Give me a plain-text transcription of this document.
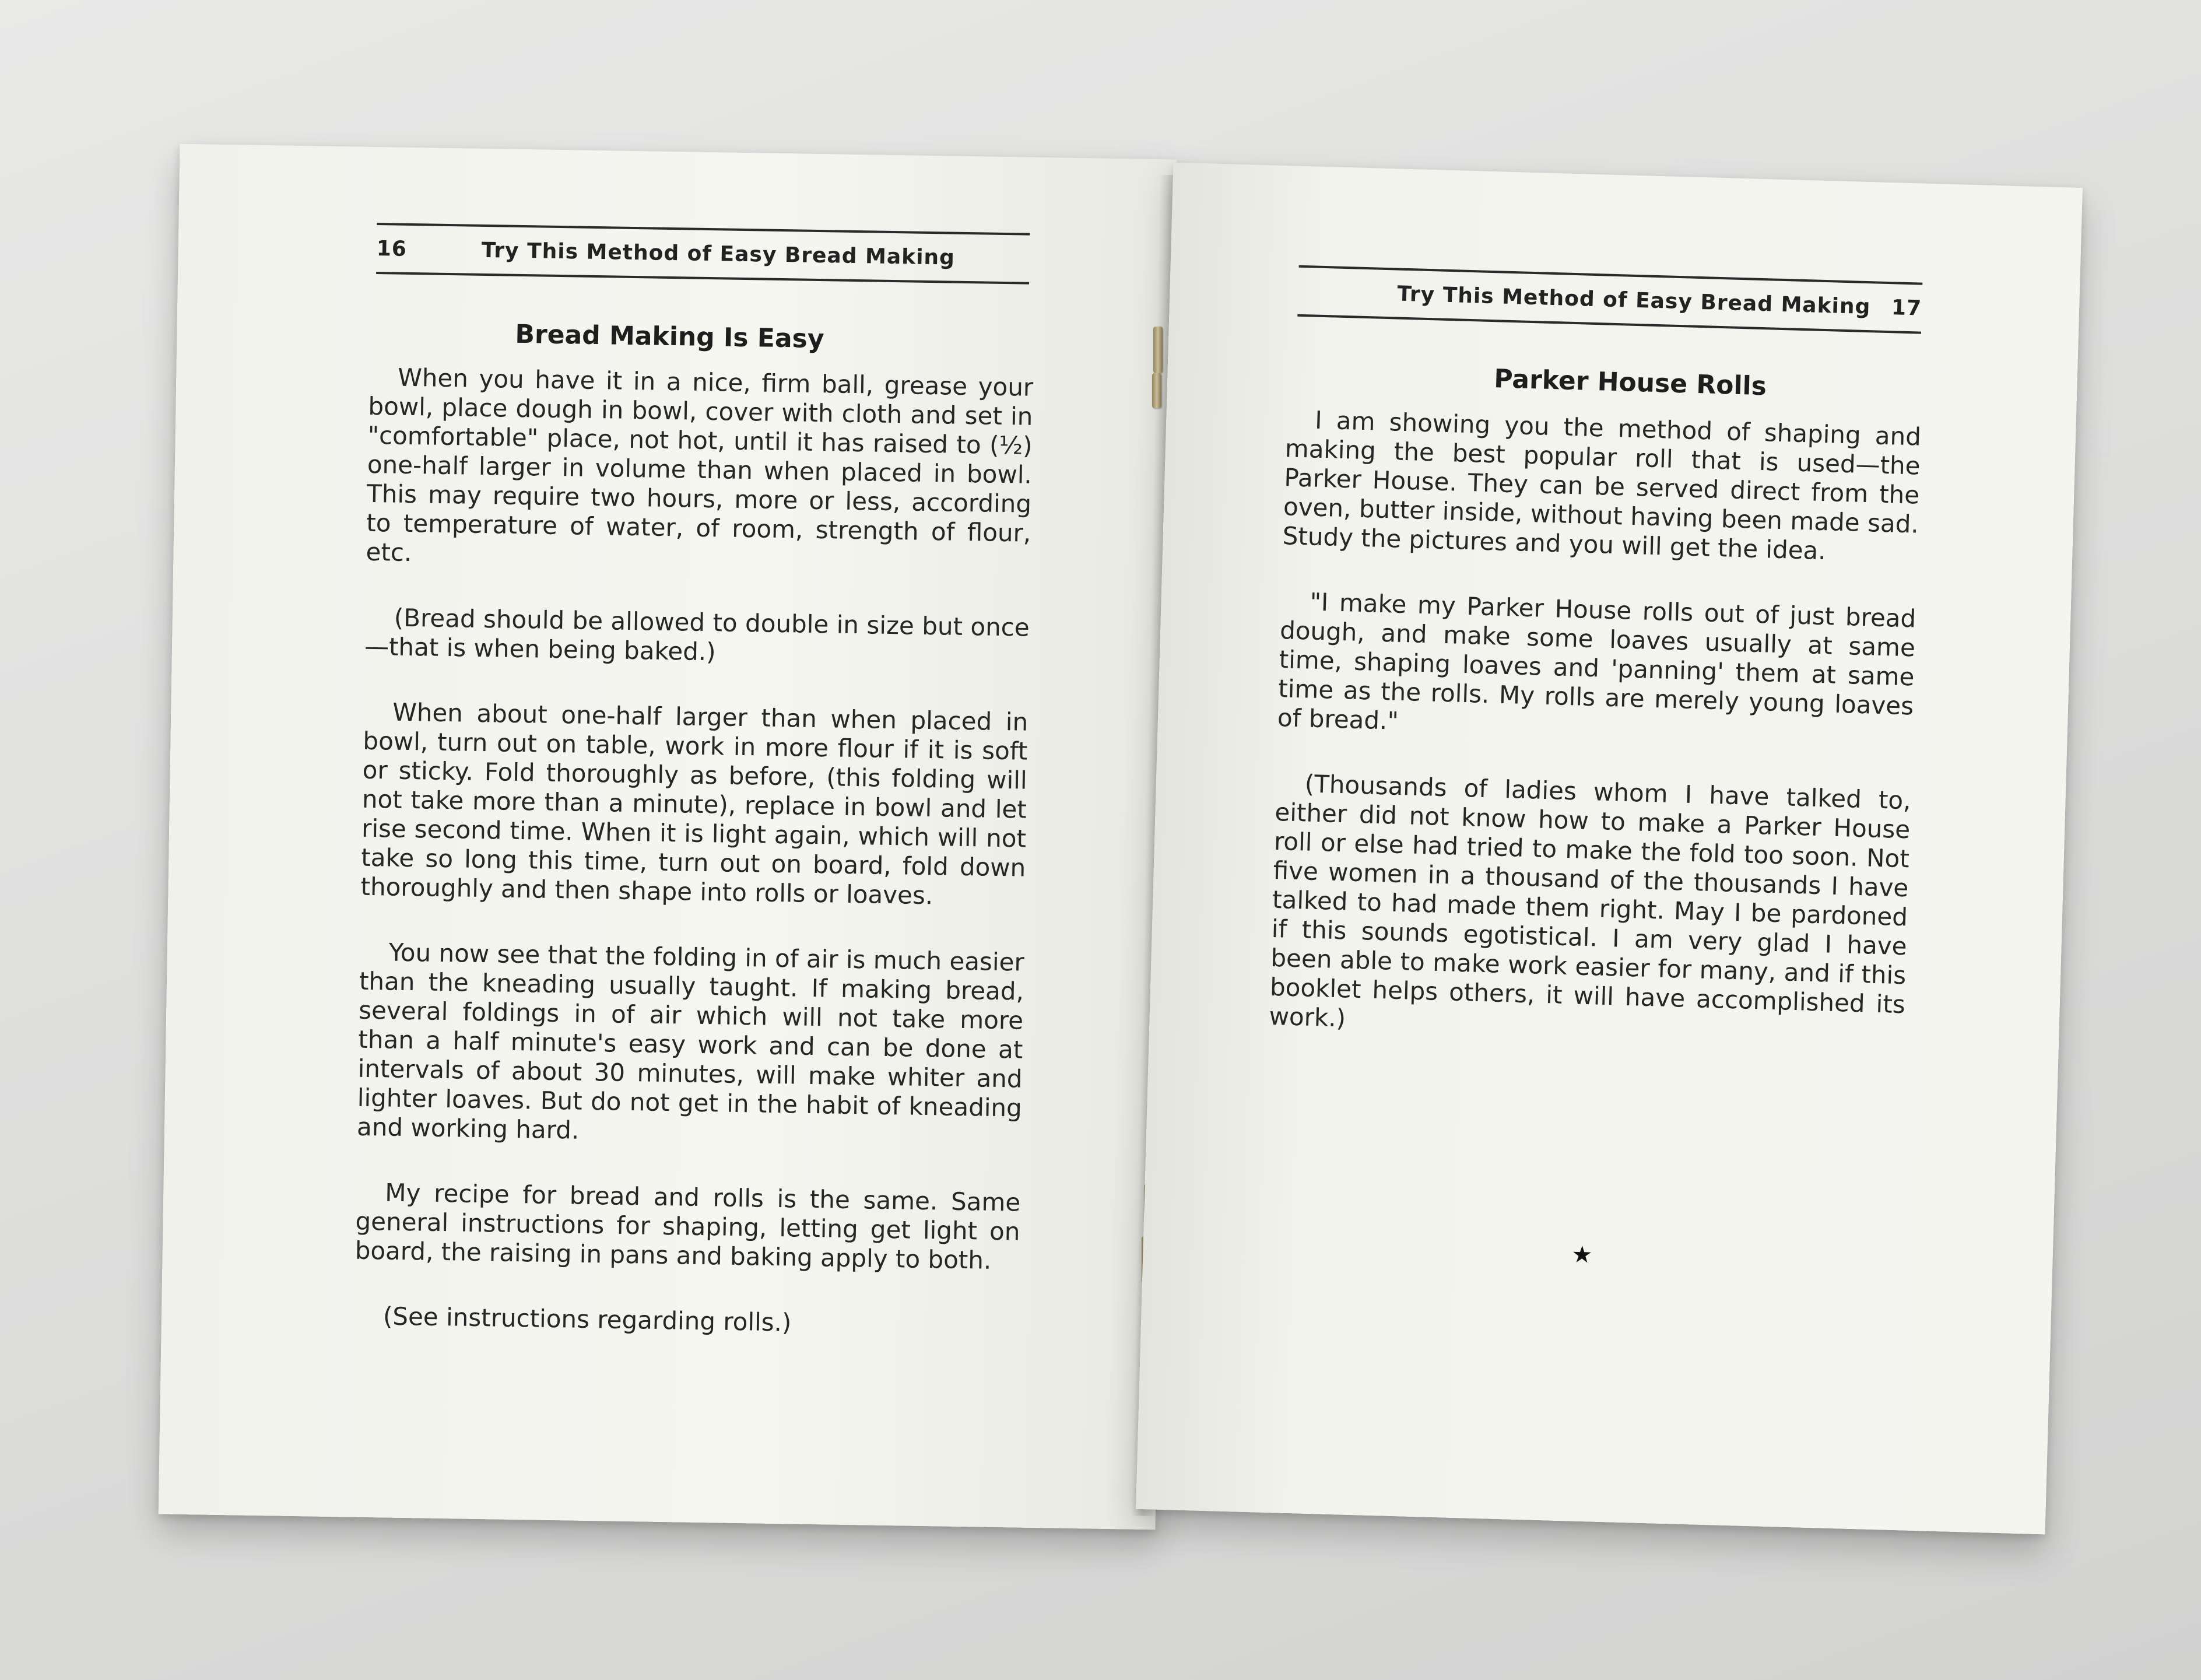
16	Try This Method of Easy Bread Making
Bread Making Is Easy

When you have it in a nice, firm ball, grease your bowl, place dough in bowl, cover with cloth and set in "comfortable" place, not hot, until it has raised to (½) one-half larger in volume than when placed in bowl. This may require two hours, more or less, according to temperature of water, of room, strength of flour, etc.

(Bread should be allowed to double in size but once—that is when being baked.)

When about one-half larger than when placed in bowl, turn out on table, work in more flour if it is soft or sticky. Fold thoroughly as before, (this folding will not take more than a minute), replace in bowl and let rise second time. When it is light again, which will not take so long this time, turn out on board, fold down thoroughly and then shape into rolls or loaves.

You now see that the folding in of air is much easier than the kneading usually taught. If making bread, several foldings in of air which will not take more than a half minute's easy work and can be done at intervals of about 30 minutes, will make whiter and lighter loaves. But do not get in the habit of kneading and working hard.

My recipe for bread and rolls is the same. Same general instructions for shaping, letting get light on board, the raising in pans and baking apply to both.

(See instructions regarding rolls.)

Try This Method of Easy Bread Making 17
Parker House Rolls

I am showing you the method of shaping and making the best popular roll that is used—the Parker House. They can be served direct from the oven, butter inside, without having been made sad. Study the pictures and you will get the idea.

"I make my Parker House rolls out of just bread dough, and make some loaves usually at same time, shaping loaves and 'panning' them at same time as the rolls. My rolls are merely young loaves of bread."

(Thousands of ladies whom I have talked to, either did not know how to make a Parker House roll or else had tried to make the fold too soon. Not five women in a thousand of the thousands I have talked to had made them right. May I be pardoned if this sounds egotistical. I am very glad I have been able to make work easier for many, and if this booklet helps others, it will have accomplished its work.)

★
